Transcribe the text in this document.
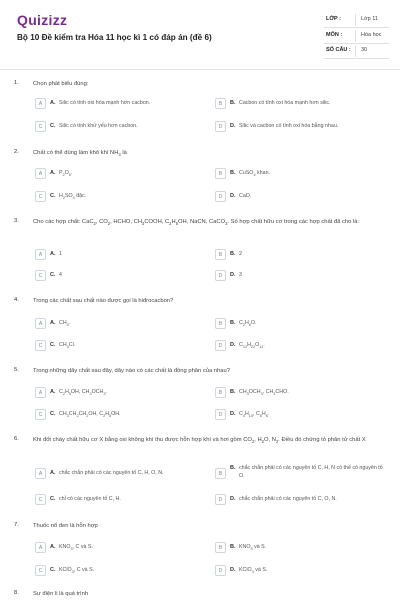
Quizizz
Bộ 10 Đề kiểm tra Hóa 11 học kì 1 có đáp án (đề 6)
LỚP :	Lớp 11
MÔN :	Hóa học
SỐ CÂU : 30
1. Chọn phát biểu đúng:
A	A. Silic có tính oxi hóa mạnh hơn cacbon.	B	B. Cacbon có tính oxi hóa mạnh hơn silic.
C	C. Silic có tính khử yếu hơn cacbon.	D	D. Silic và cacbon có tính oxi hóa bằng nhau.
2. Chất có thể dùng làm khô khí $NH_3$ là
A	A. $P_2O_5$.	B	B. CuSO$_4$ khan.
C	C. $H_2SO_4$ đặc.	D	D. CaO.
3. Cho các hợp chất: CaC$_2$, $CO_2$, HCHO, $CH_3COOH$, $C_2H_5OH$, NaCN, CaCO$_3$. Số hợp chất hữu cơ trong các hợp chất đã cho là:
A	A. 1	B	B. 2
C	C. 4	D	D. 3
4. Trong các chất sau chất nào được gọi là hiđrocacbon?
A	A. $CH_4$.	B	B. $C_2H_6O$.
C	C. $CH_3Cl$.	D	D. $C_{12}H_{22}O_{11}$.
5. Trong những dãy chất sau đây, dãy nào có các chất là đồng phân của nhau?
A	A. $C_2H_5OH$, $CH_3OCH_3$.	B	B. $CH_3OCH_3$, $CH_3CHO$.
C	C. $CH_3CH_2CH_2OH$, $C_2H_5OH$.	D	D. $C_4H_{10}$, $C_6H_6$.
6. Khi đốt cháy chất hữu cơ X bằng oxi không khí thu được hỗn hợp khí và hơi gồm $CO_2$, $H_2O$, $N_2$. Điều đó chứng tỏ phân tử chất X
A	A. chắc chắn phải có các nguyên tố C, H, O, N.	B
B. chắc chắn phải có các nguyên tố C, H, N có thể có nguyên tố O.
C	C. chỉ có các nguyên tố C, H.	D	D. chắc chắn phải có các nguyên tố C, O, N.
7. Thuốc nổ đen là hỗn hợp
A	A. $KNO_3$, C và S.	B	B. $KNO_3$ và S.
C	C. KClO$_3$, C và S.	D	D. KClO$_3$ và S.
8. Sự điện li là quá trình
